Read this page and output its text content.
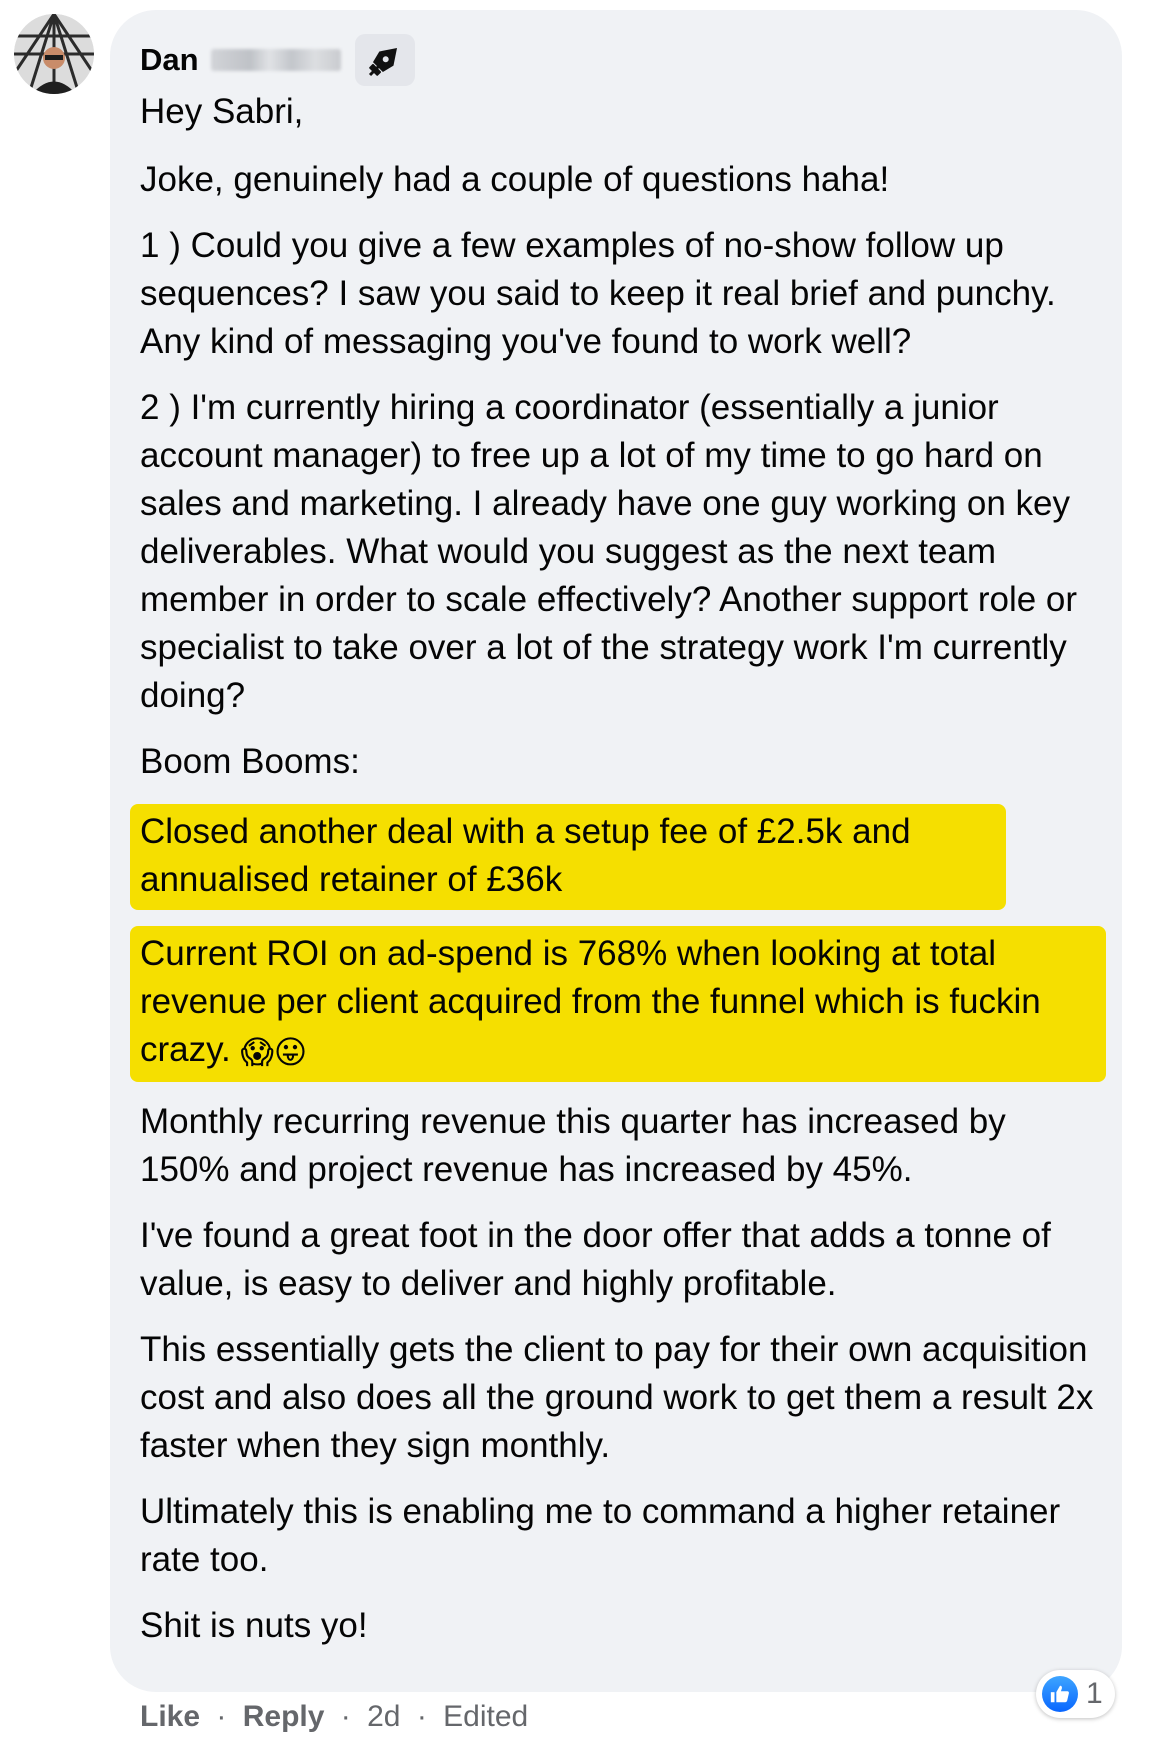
Dan

Hey Sabri,

Joke, genuinely had a couple of questions haha!

1 ) Could you give a few examples of no-show follow up sequences? I saw you said to keep it real brief and punchy. Any kind of messaging you've found to work well?

2 ) I'm currently hiring a coordinator (essentially a junior account manager) to free up a lot of my time to go hard on sales and marketing. I already have one guy working on key deliverables. What would you suggest as the next team member in order to scale effectively? Another support role or specialist to take over a lot of the strategy work I'm currently doing?

Boom Booms:

Closed another deal with a setup fee of £2.5k and annualised retainer of £36k
Current ROI on ad-spend is 768% when looking at total revenue per client acquired from the funnel which is fuckin crazy. 😱😛

Monthly recurring revenue this quarter has increased by 150% and project revenue has increased by 45%.

I've found a great foot in the door offer that adds a tonne of value, is easy to deliver and highly profitable.

This essentially gets the client to pay for their own acquisition cost and also does all the ground work to get them a result 2x faster when they sign monthly.

Ultimately this is enabling me to command a higher retainer rate too.

Shit is nuts yo!

Like · Reply · 2d · Edited
1
